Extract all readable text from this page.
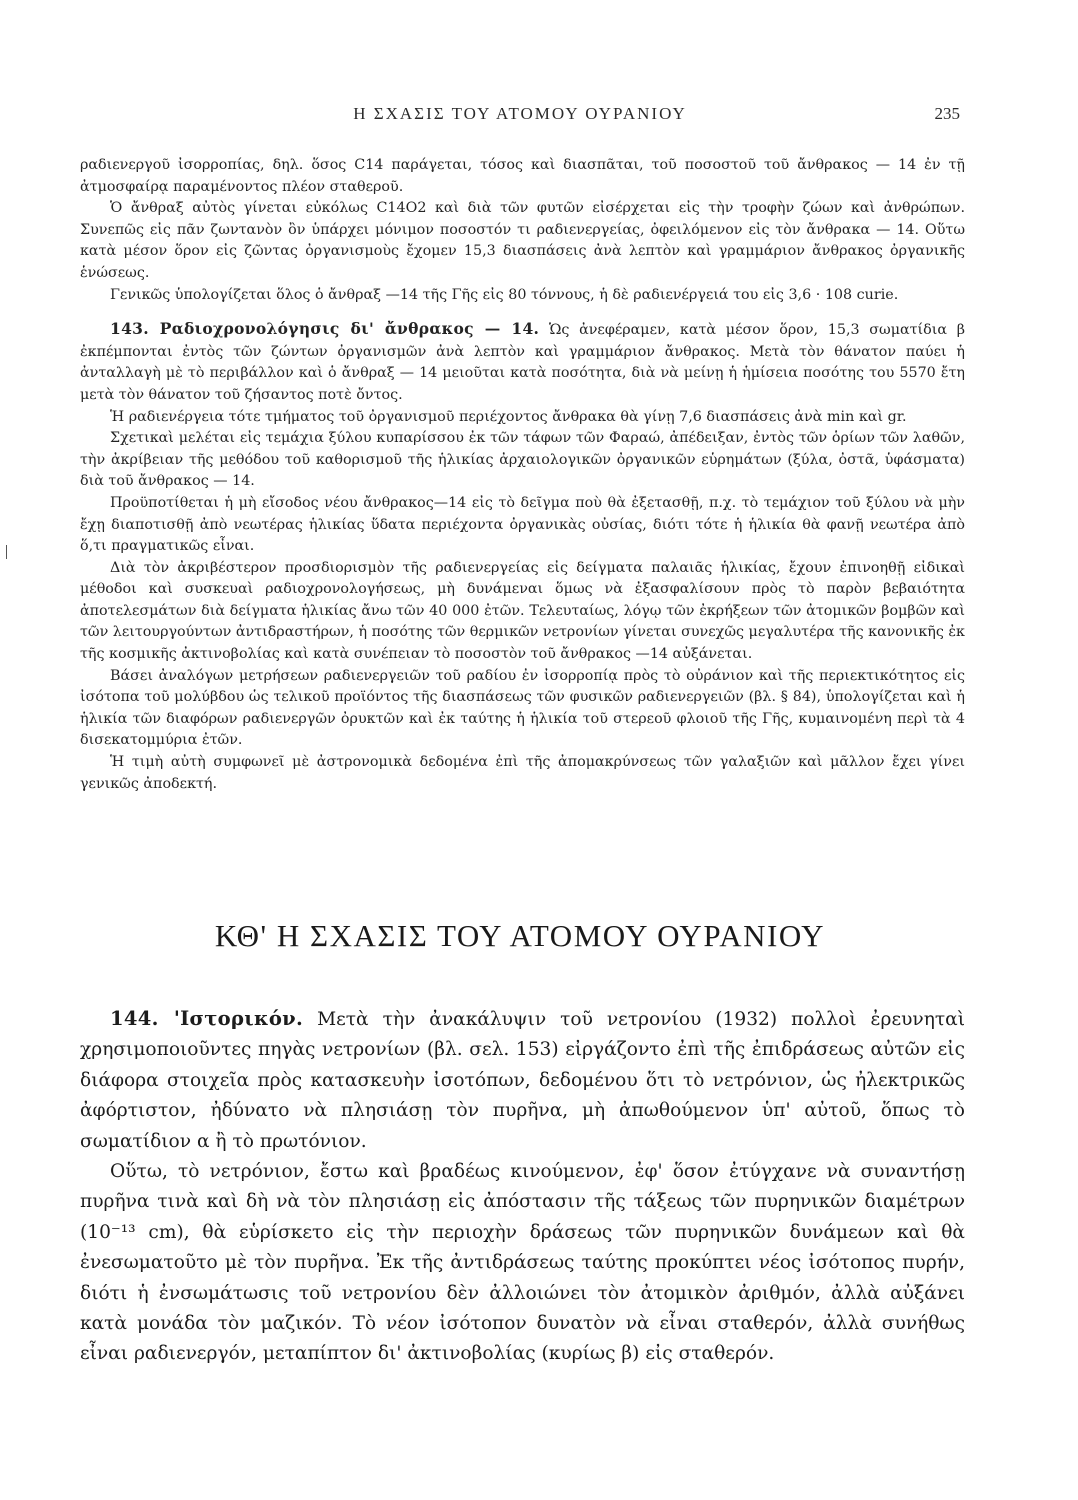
Η ΣΧΑΣΙΣ ΤΟΥ ΑΤΟΜΟΥ ΟΥΡΑΝΙΟΥ	235

ραδιενεργοῦ ἰσορροπίας, δηλ. ὅσος C14 παράγεται, τόσος καὶ διασπᾶται, τοῦ ποσοστοῦ τοῦ ἄνθρακος — 14 ἐν τῇ ἀτμοσφαίρᾳ παραμένοντος πλέον σταθεροῦ.

Ὁ ἄνθραξ αὐτὸς γίνεται εὐκόλως C14O2 καὶ διὰ τῶν φυτῶν εἰσέρχεται εἰς τὴν τροφὴν ζώων καὶ ἀνθρώπων. Συνεπῶς εἰς πᾶν ζωντανὸν ὂν ὑπάρχει μόνιμον ποσοστόν τι ραδιενεργείας, ὀφειλόμενον εἰς τὸν ἄνθρακα — 14. Οὕτω κατὰ μέσον ὅρον εἰς ζῶντας ὀργανισμοὺς ἔχομεν 15,3 διασπάσεις ἀνὰ λεπτὸν καὶ γραμμάριον ἄνθρακος ὀργανικῆς ἑνώσεως.

Γενικῶς ὑπολογίζεται ὅλος ὁ ἄνθραξ —14 τῆς Γῆς εἰς 80 τόννους, ἡ δὲ ραδιενέργειά του εἰς 3,6 · 108 curie.

143. Ραδιοχρονολόγησις δι' ἄνθρακος — 14. Ὡς ἀνεφέραμεν, κατὰ μέσον ὅρον, 15,3 σωματίδια β ἐκπέμπονται ἐντὸς τῶν ζώντων ὀργανισμῶν ἀνὰ λεπτὸν καὶ γραμμάριον ἄνθρακος. Μετὰ τὸν θάνατον παύει ἡ ἀνταλλαγὴ μὲ τὸ περιβάλλον καὶ ὁ ἄνθραξ — 14 μειοῦται κατὰ ποσότητα, διὰ νὰ μείνῃ ἡ ἡμίσεια ποσότης του 5570 ἔτη μετὰ τὸν θάνατον τοῦ ζήσαντος ποτὲ ὄντος.

Ἡ ραδιενέργεια τότε τμήματος τοῦ ὀργανισμοῦ περιέχοντος ἄνθρακα θὰ γίνῃ 7,6 διασπάσεις ἀνὰ min καὶ gr.

Σχετικαὶ μελέται εἰς τεμάχια ξύλου κυπαρίσσου ἐκ τῶν τάφων τῶν Φαραώ, ἀπέδειξαν, ἐντὸς τῶν ὁρίων τῶν λαθῶν, τὴν ἀκρίβειαν τῆς μεθόδου τοῦ καθορισμοῦ τῆς ἡλικίας ἀρχαιολογικῶν ὀργανικῶν εὑρημάτων (ξύλα, ὀστᾶ, ὑφάσματα) διὰ τοῦ ἄνθρακος — 14.

Προϋποτίθεται ἡ μὴ εἴσοδος νέου ἄνθρακος—14 εἰς τὸ δεῖγμα ποὺ θὰ ἐξετασθῇ, π.χ. τὸ τεμάχιον τοῦ ξύλου νὰ μὴν ἔχῃ διαποτισθῇ ἀπὸ νεωτέρας ἡλικίας ὕδατα περιέχοντα ὀργανικὰς οὐσίας, διότι τότε ἡ ἡλικία θὰ φανῇ νεωτέρα ἀπὸ ὅ,τι πραγματικῶς εἶναι.

Διὰ τὸν ἀκριβέστερον προσδιορισμὸν τῆς ραδιενεργείας εἰς δείγματα παλαιᾶς ἡλικίας, ἔχουν ἐπινοηθῇ εἰδικαὶ μέθοδοι καὶ συσκευαὶ ραδιοχρονολογήσεως, μὴ δυνάμεναι ὅμως νὰ ἐξασφαλίσουν πρὸς τὸ παρὸν βεβαιότητα ἀποτελεσμάτων διὰ δείγματα ἡλικίας ἄνω τῶν 40 000 ἐτῶν. Τελευταίως, λόγῳ τῶν ἐκρήξεων τῶν ἀτομικῶν βομβῶν καὶ τῶν λειτουργούντων ἀντιδραστήρων, ἡ ποσότης τῶν θερμικῶν νετρονίων γίνεται συνεχῶς μεγαλυτέρα τῆς κανονικῆς ἐκ τῆς κοσμικῆς ἀκτινοβολίας καὶ κατὰ συνέπειαν τὸ ποσοστὸν τοῦ ἄνθρακος —14 αὐξάνεται.

Βάσει ἀναλόγων μετρήσεων ραδιενεργειῶν τοῦ ραδίου ἐν ἰσορροπίᾳ πρὸς τὸ οὐράνιον καὶ τῆς περιεκτικότητος εἰς ἰσότοπα τοῦ μολύβδου ὡς τελικοῦ προϊόντος τῆς διασπάσεως τῶν φυσικῶν ραδιενεργειῶν (βλ. § 84), ὑπολογίζεται καὶ ἡ ἡλικία τῶν διαφόρων ραδιενεργῶν ὀρυκτῶν καὶ ἐκ ταύτης ἡ ἡλικία τοῦ στερεοῦ φλοιοῦ τῆς Γῆς, κυμαινομένη περὶ τὰ 4 δισεκατομμύρια ἐτῶν.

Ἡ τιμὴ αὐτὴ συμφωνεῖ μὲ ἀστρονομικὰ δεδομένα ἐπὶ τῆς ἀπομακρύνσεως τῶν γαλαξιῶν καὶ μᾶλλον ἔχει γίνει γενικῶς ἀποδεκτή.

ΚΘ' Η ΣΧΑΣΙΣ ΤΟΥ ΑΤΟΜΟΥ ΟΥΡΑΝΙΟΥ

144. 'Ιστορικόν. Μετὰ τὴν ἀνακάλυψιν τοῦ νετρονίου (1932) πολλοὶ ἐρευνηταὶ χρησιμοποιοῦντες πηγὰς νετρονίων (βλ. σελ. 153) εἰργάζοντο ἐπὶ τῆς ἐπιδράσεως αὐτῶν εἰς διάφορα στοιχεῖα πρὸς κατασκευὴν ἰσοτόπων, δεδομένου ὅτι τὸ νετρόνιον, ὡς ἠλεκτρικῶς ἀφόρτιστον, ἠδύνατο νὰ πλησιάσῃ τὸν πυρῆνα, μὴ ἀπωθούμενον ὑπ' αὐτοῦ, ὅπως τὸ σωματίδιον α ἢ τὸ πρωτόνιον.

Οὕτω, τὸ νετρόνιον, ἔστω καὶ βραδέως κινούμενον, ἐφ' ὅσον ἐτύγχανε νὰ συναντήσῃ πυρῆνα τινὰ καὶ δὴ νὰ τὸν πλησιάσῃ εἰς ἀπόστασιν τῆς τάξεως τῶν πυρηνικῶν διαμέτρων (10⁻¹³ cm), θὰ εὑρίσκετο εἰς τὴν περιοχὴν δράσεως τῶν πυρηνικῶν δυνάμεων καὶ θὰ ἐνεσωματοῦτο μὲ τὸν πυρῆνα. Ἐκ τῆς ἀντιδράσεως ταύτης προκύπτει νέος ἰσότοπος πυρήν, διότι ἡ ἐνσωμάτωσις τοῦ νετρονίου δὲν ἀλλοιώνει τὸν ἀτομικὸν ἀριθμόν, ἀλλὰ αὐξάνει κατὰ μονάδα τὸν μαζικόν. Τὸ νέον ἰσότοπον δυνατὸν νὰ εἶναι σταθερόν, ἀλλὰ συνήθως εἶναι ραδιενεργόν, μεταπίπτον δι' ἀκτινοβολίας (κυρίως β) εἰς σταθερόν.
